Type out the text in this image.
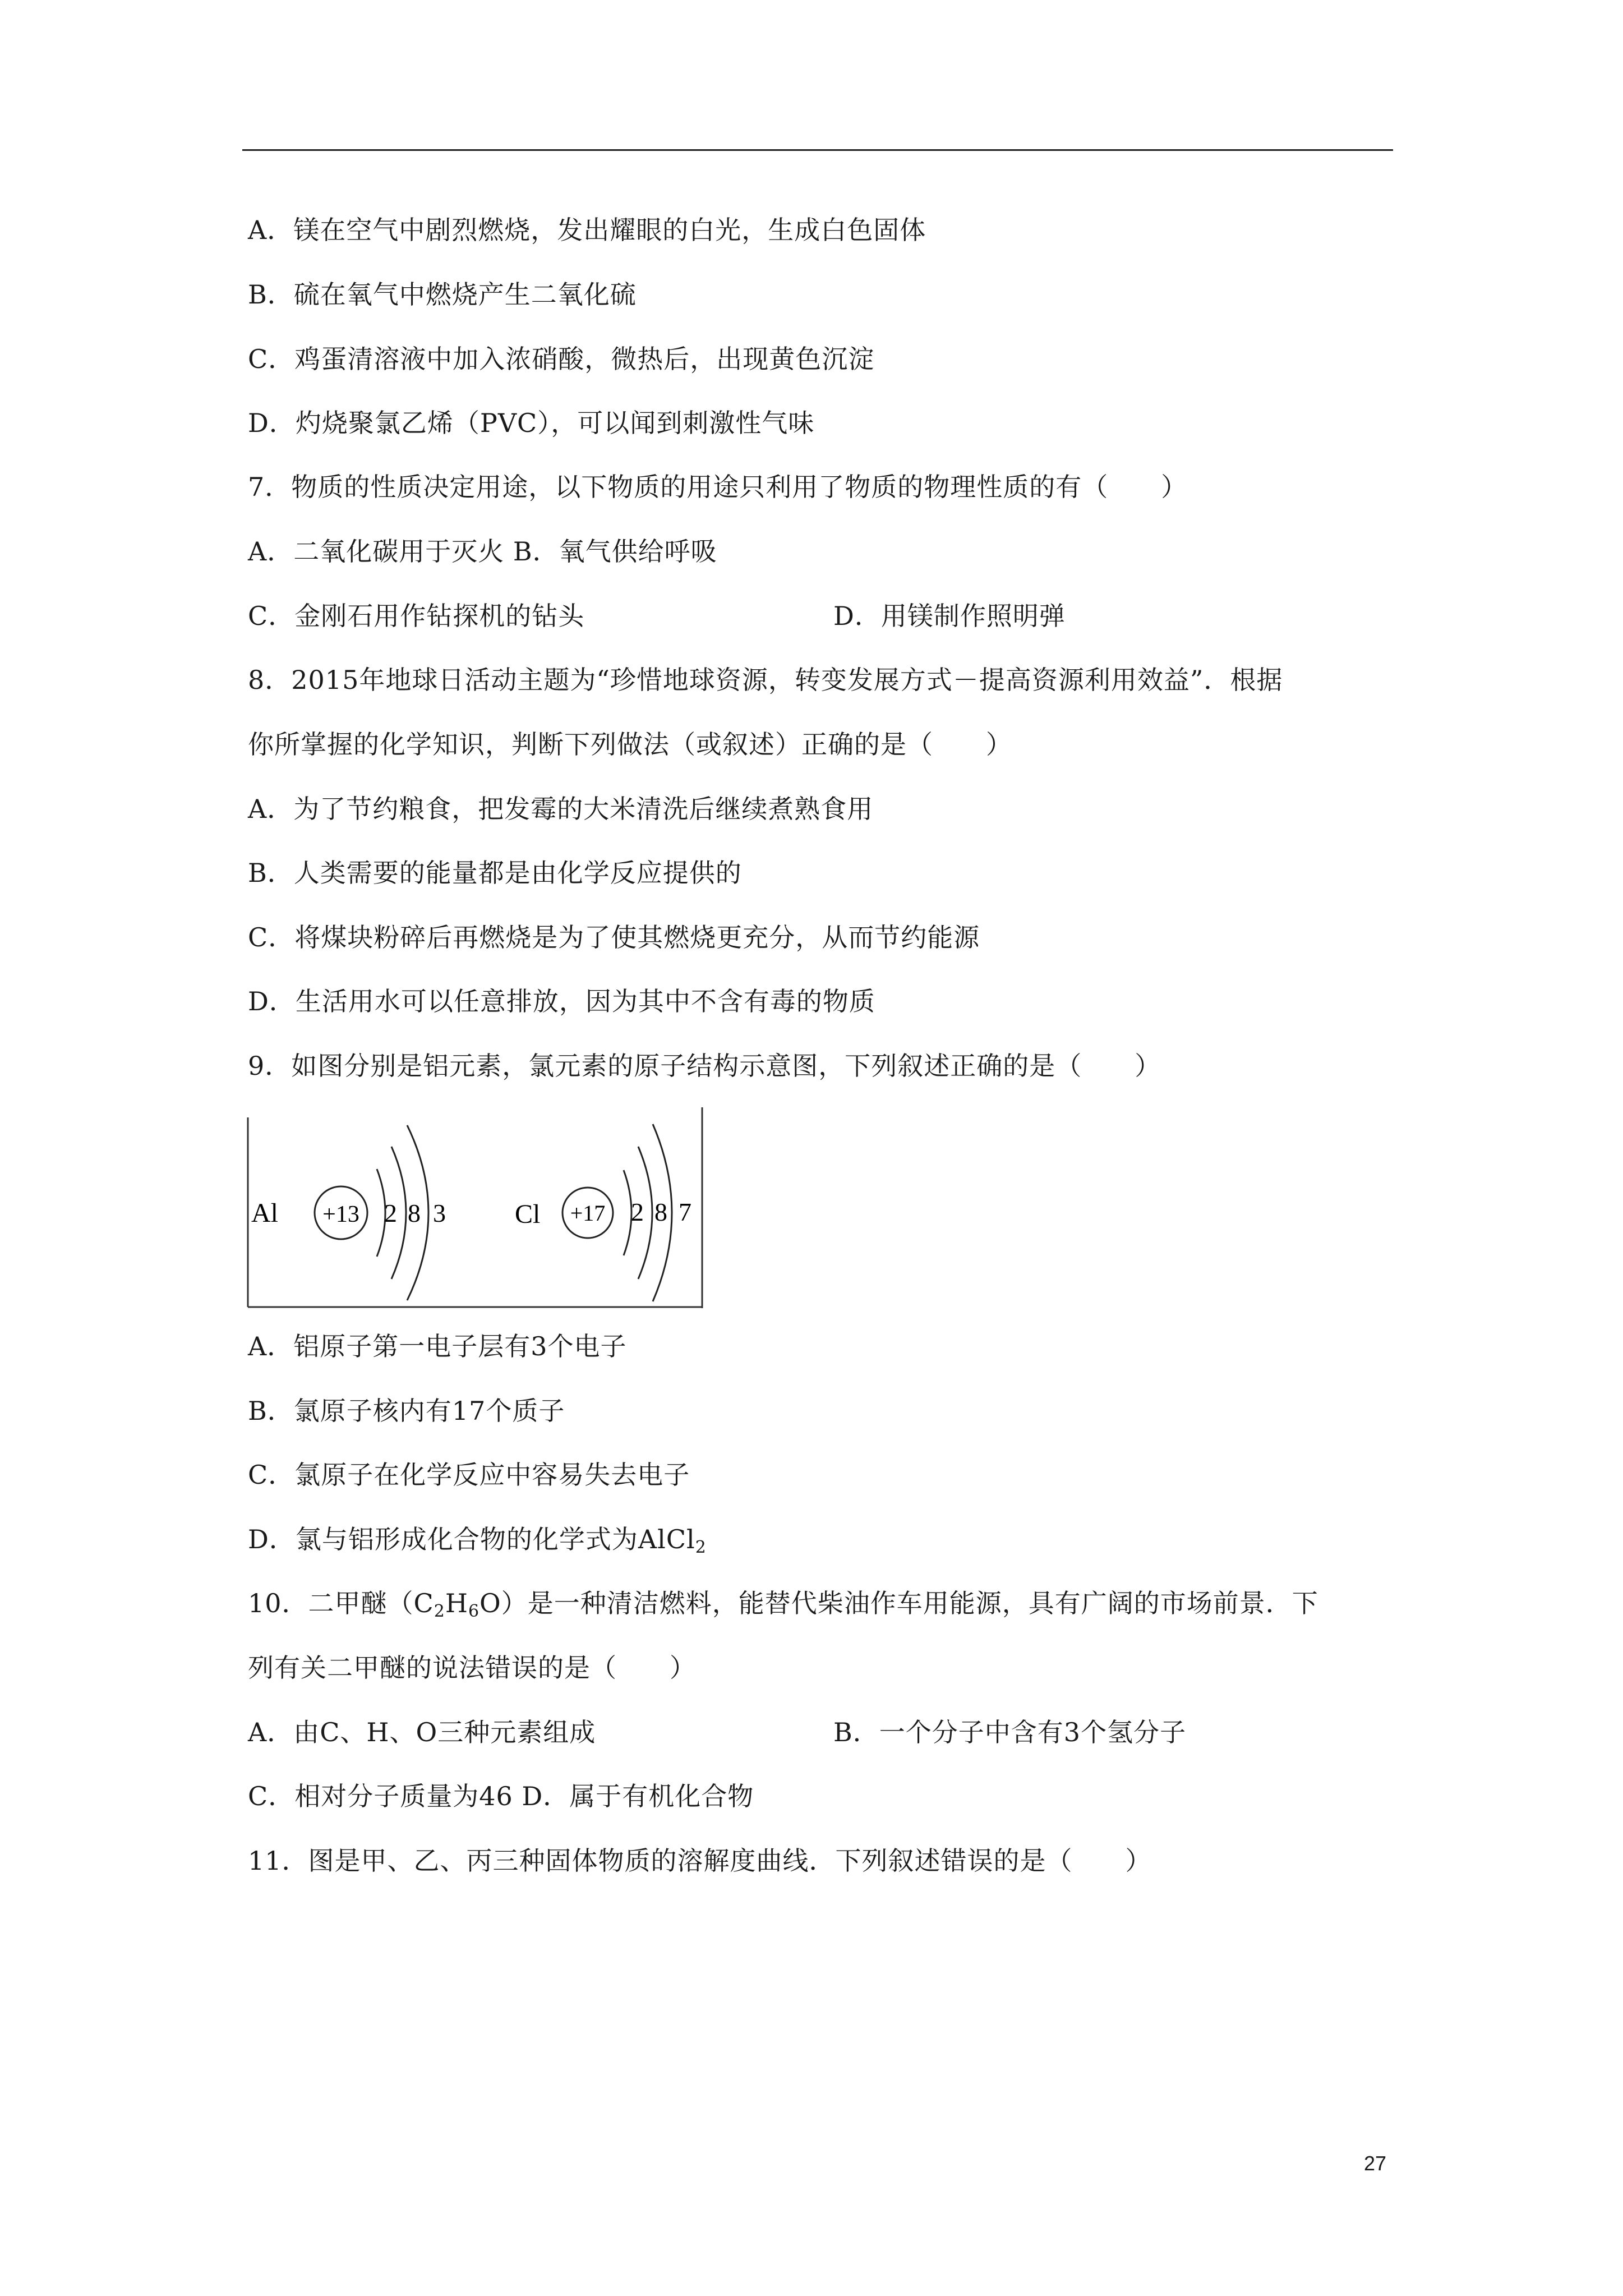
A．镁在空气中剧烈燃烧，发出耀眼的白光，生成白色固体
B．硫在氧气中燃烧产生二氧化硫
C．鸡蛋清溶液中加入浓硝酸，微热后，出现黄色沉淀
D．灼烧聚氯乙烯（PVC），可以闻到刺激性气味
7．物质的性质决定用途，以下物质的用途只利用了物质的物理性质的有（　　）
A．二氧化碳用于灭火 B．氧气供给呼吸
C．金刚石用作钻探机的钻头	D．用镁制作照明弹
8．2015年地球日活动主题为“珍惜地球资源，转变发展方式－提高资源利用效益”．根据
你所掌握的化学知识，判断下列做法（或叙述）正确的是（　　）
A．为了节约粮食，把发霉的大米清洗后继续煮熟食用
B．人类需要的能量都是由化学反应提供的
C．将煤块粉碎后再燃烧是为了使其燃烧更充分，从而节约能源
D．生活用水可以任意排放，因为其中不含有毒的物质
9．如图分别是铝元素，氯元素的原子结构示意图，下列叙述正确的是（　　）
Al +13 2 8 3	Cl +17 2 8 7
A．铝原子第一电子层有3个电子
B．氯原子核内有17个质子
C．氯原子在化学反应中容易失去电子
D．氯与铝形成化合物的化学式为AlCl$_2$
10．二甲醚$(C_2H_6O)$是一种清洁燃料，能替代柴油作车用能源，具有广阔的市场前景．下
列有关二甲醚的说法错误的是（　　）
A．由C、H、O三种元素组成	B．一个分子中含有3个氢分子
C．相对分子质量为46 D．属于有机化合物
11．图是甲、乙、丙三种固体物质的溶解度曲线．下列叙述错误的是（　　）
27
